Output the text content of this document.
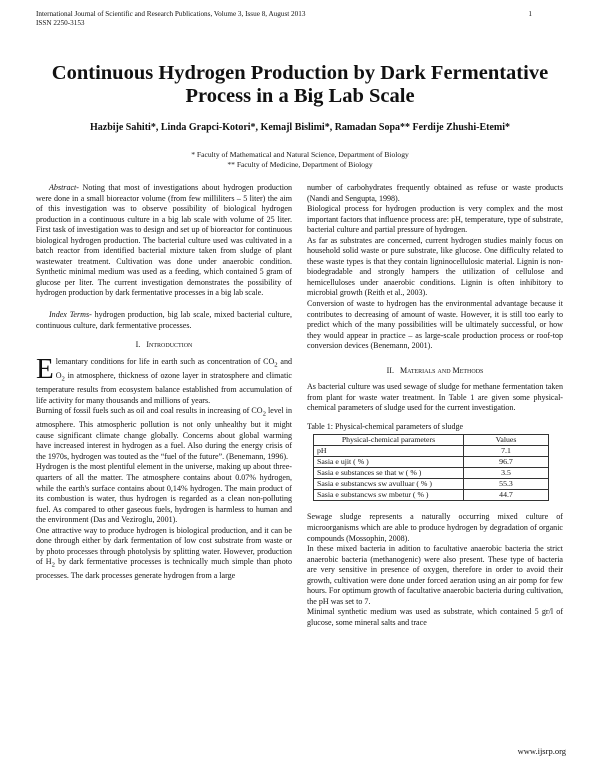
International Journal of Scientific and Research Publications, Volume 3, Issue 8, August 2013
ISSN 2250-3153
1
Continuous Hydrogen Production by Dark Fermentative
Process in a Big Lab Scale
Hazbije Sahiti*, Linda Grapci-Kotori*, Kemajl Bislimi*, Ramadan Sopa** Ferdije Zhushi-Etemi*
* Faculty of Mathematical and Natural Science, Department of Biology
** Faculty of Medicine, Department of Biology

Abstract- Noting that most of investigations about hydrogen production were done in a small bioreactor volume (from few milliliters – 5 liter) the aim of this investigation was to observe possibility of biological hydrogen production in a continuous culture in a big lab scale with volume of 25 liter. First task of investigation was to design and set up of bioreactor for continuous biological hydrogen production. The bacterial culture used was cultivated in a batch reactor from identified bacterial mixture taken from sludge of plant wastewater treatment. Cultivation was done under anaerobic condition. Synthetic minimal medium was used as a feeding, which contained 5 gram of glucose per liter. The current investigation demonstrates the possibility of hydrogen production by dark fermentative processes in a big lab scale.

Index Terms- hydrogen production, big lab scale, mixed bacterial culture, continuous culture, dark fermentative processes.

I. Introduction

Elemantary conditions for life in earth such as concentration of $CO_2$ and $O_2$ in atmosphere, thickness of ozone layer in stratosphere and climatic temperature results from ecosystem balance established from accumulation of life activity for many thousands and millions of years.

Burning of fossil fuels such as oil and coal results in increasing of $CO_2$ level in atmosphere. This atmospheric pollution is not only unhealthy but it might cause significant climate change globally. Concerns about global warming have increased interest in hydrogen as a fuel. Also during the energy crisis of the 1970s, hydrogen was touted as the “fuel of the future”. (Benemann, 1996).

Hydrogen is the most plentiful element in the universe, making up about three-quarters of all the matter. The atmosphere contains about 0.07% hydrogen, while the earth's surface contains about 0,14% hydrogen. The main product of its combustion is water, thus hydrogen is regarded as a clean non-polluting fuel. As compared to other gaseous fuels, hydrogen is harmless to human and the environment (Das and Veziroglu, 2001).

One attractive way to produce hydrogen is biological production, and it can be done through either by dark fermentation of low cost substrate from waste or by photo processes through photolysis by splitting water. However, production of $H_2$ by dark fermentative processes is technically much simple than photo processes. The dark processes generate hydrogen from a large

number of carbohydrates frequently obtained as refuse or waste products (Nandi and Sengupta, 1998).

Biological process for hydrogen production is very complex and the most important factors that influence process are: pH, temperature, type of substrate, bacterial culture and partial pressure of hydrogen.

As far as substrates are concerned, current hydrogen studies mainly focus on household solid waste or pure substrate, like glucose. One difficulty related to these waste types is that they contain ligninocellulosic material. Lignin is non-biodegradable and strongly hampers the utilization of cellulose and hemicelluloses under anaerobic conditions. Lignin is often inhibitory to microbial growth (Reith et al., 2003).

Conversion of waste to hydrogen has the environmental advantage because it contributes to decreasing of amount of waste. However, it is still too early to predict which of the many possibilities will be ultimately successful, or how they would appear in practice – as large-scale production process or roof-top conversion devices (Benemann, 2001).

II. Materials and Methods

As bacterial culture was used sewage of sludge for methane fermentation taken from plant for waste water treatment. In Table 1 are given some physical-chemical parameters of sludge used for the current investigation.

Table 1: Physical-chemical parameters of sludge

Physical-chemical parameters	Values
pH	7.1
Sasia e ujit ( % )	96.7
Sasia e substances se that w ( % )	3.5
Sasia e substancws sw avulluar ( % )	55.3
Sasia e substancws sw mbetur ( % )	44.7

Sewage sludge represents a naturally occurring mixed culture of microorganisms which are able to produce hydrogen by degradation of organic compounds (Mossophin, 2008).

In these mixed bacteria in adition to facultative anaerobic bacteria the strict anaerobic bacteria (methanogenic) were also present. These type of bacteria are very sensitive in presence of oxygen, therefore in order to avoid their growth, cultivation were done under forced aeration using an air pomp for few hours. For optimum growth of facultative anaerobic bacteria during cultivation, the pH was set to 7.

Minimal synthetic medium was used as substrate, which contained 5 gr/l of glucose, some mineral salts and trace

www.ijsrp.org
